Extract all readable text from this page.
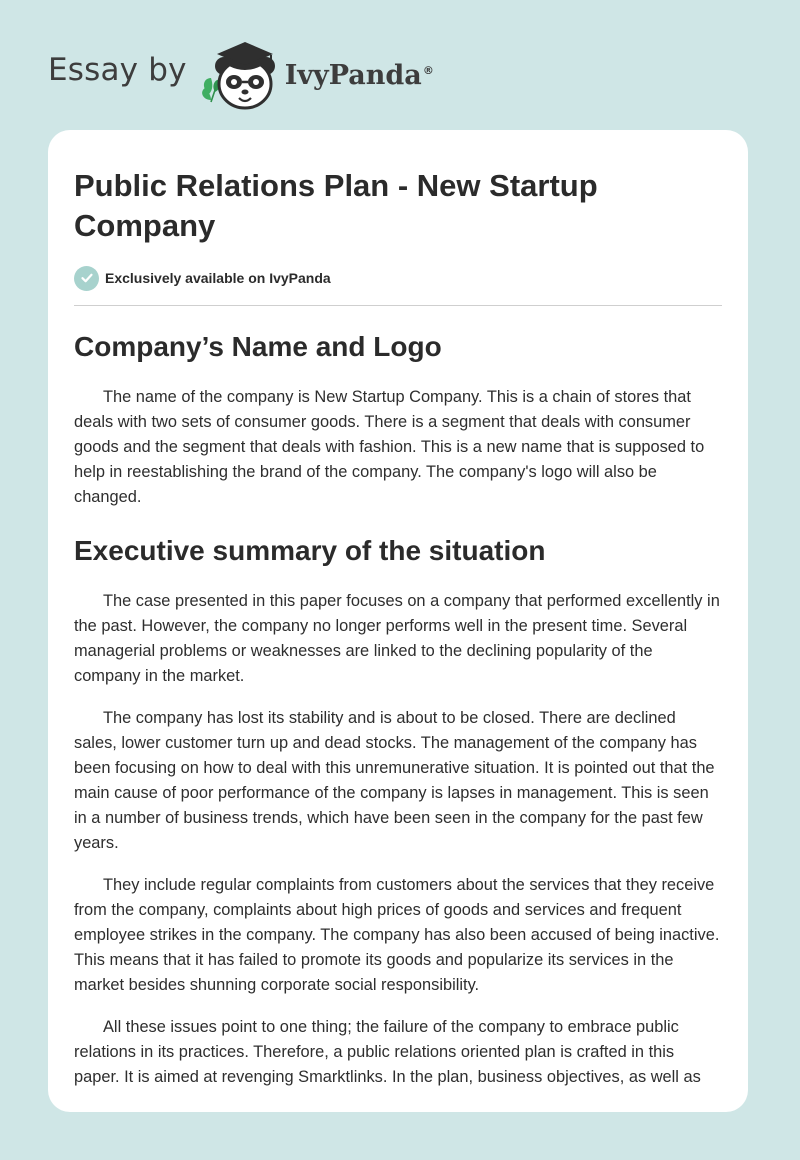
Essay by	IvyPanda®
Public Relations Plan - New Startup Company
Exclusively available on IvyPanda
Company’s Name and Logo

The name of the company is New Startup Company. This is a chain of stores that deals with two sets of consumer goods. There is a segment that deals with consumer goods and the segment that deals with fashion. This is a new name that is supposed to help in reestablishing the brand of the company. The company's logo will also be changed.

Executive summary of the situation

The case presented in this paper focuses on a company that performed excellently in the past. However, the company no longer performs well in the present time. Several managerial problems or weaknesses are linked to the declining popularity of the company in the market.

The company has lost its stability and is about to be closed. There are declined sales, lower customer turn up and dead stocks. The management of the company has been focusing on how to deal with this unremunerative situation. It is pointed out that the main cause of poor performance of the company is lapses in management. This is seen in a number of business trends, which have been seen in the company for the past few years.

They include regular complaints from customers about the services that they receive from the company, complaints about high prices of goods and services and frequent employee strikes in the company. The company has also been accused of being inactive. This means that it has failed to promote its goods and popularize its services in the market besides shunning corporate social responsibility.

All these issues point to one thing; the failure of the company to embrace public relations in its practices. Therefore, a public relations oriented plan is crafted in this paper. It is aimed at revenging Smarktlinks. In the plan, business objectives, as well as
